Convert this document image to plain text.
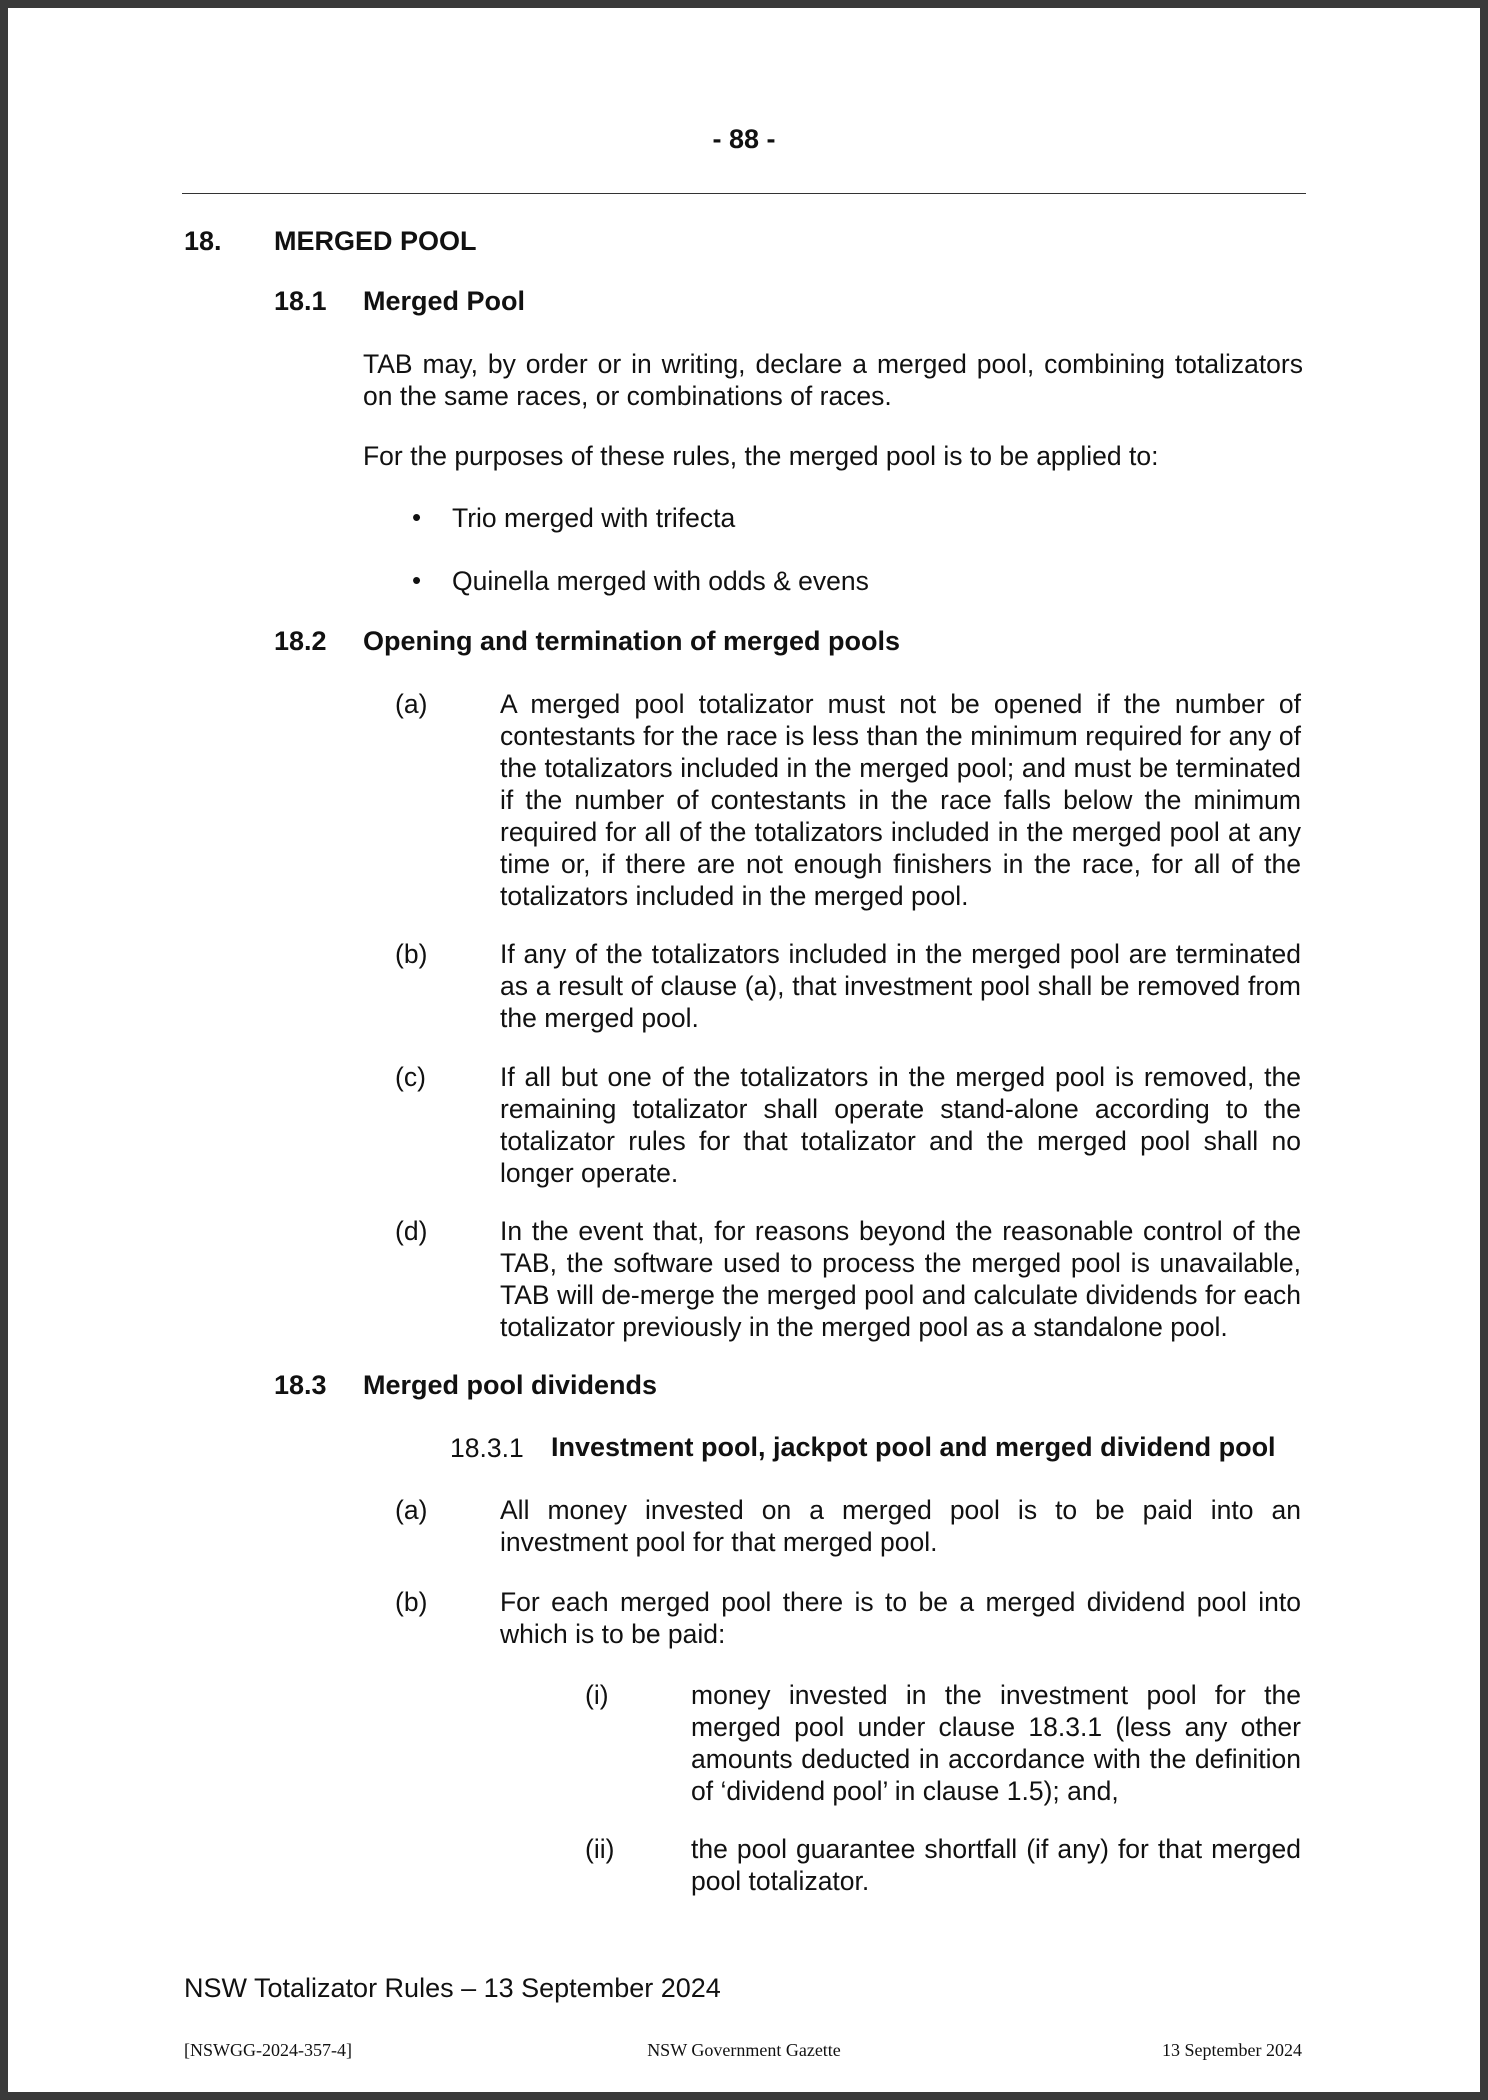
- 88 -
18. MERGED POOL
18.1 Merged Pool
TAB may, by order or in writing, declare a merged pool, combining totalizators on the same races, or combinations of races.
For the purposes of these rules, the merged pool is to be applied to:
• Trio merged with trifecta
• Quinella merged with odds & evens
18.2 Opening and termination of merged pools
(a)	A merged pool totalizator must not be opened if the number of contestants for the race is less than the minimum required for any of the totalizators included in the merged pool; and must be terminated if the number of contestants in the race falls below the minimum required for all of the totalizators included in the merged pool at any time or, if there are not enough finishers in the race, for all of the totalizators included in the merged pool.
(b)	If any of the totalizators included in the merged pool are terminated as a result of clause (a), that investment pool shall be removed from the merged pool.
(c)	If all but one of the totalizators in the merged pool is removed, the remaining totalizator shall operate stand-alone according to the totalizator rules for that totalizator and the merged pool shall no longer operate.
(d)	In the event that, for reasons beyond the reasonable control of the TAB, the software used to process the merged pool is unavailable, TAB will de-merge the merged pool and calculate dividends for each totalizator previously in the merged pool as a standalone pool.
18.3 Merged pool dividends
18.3.1 Investment pool, jackpot pool and merged dividend pool
(a)	All money invested on a merged pool is to be paid into an investment pool for that merged pool.
(b)	For each merged pool there is to be a merged dividend pool into which is to be paid:
(i)	money invested in the investment pool for the merged pool under clause 18.3.1 (less any other amounts deducted in accordance with the definition of ‘dividend pool’ in clause 1.5); and,
(ii)	the pool guarantee shortfall (if any) for that merged pool totalizator.
NSW Totalizator Rules – 13 September 2024
[NSWGG-2024-357-4]	NSW Government Gazette	13 September 2024
